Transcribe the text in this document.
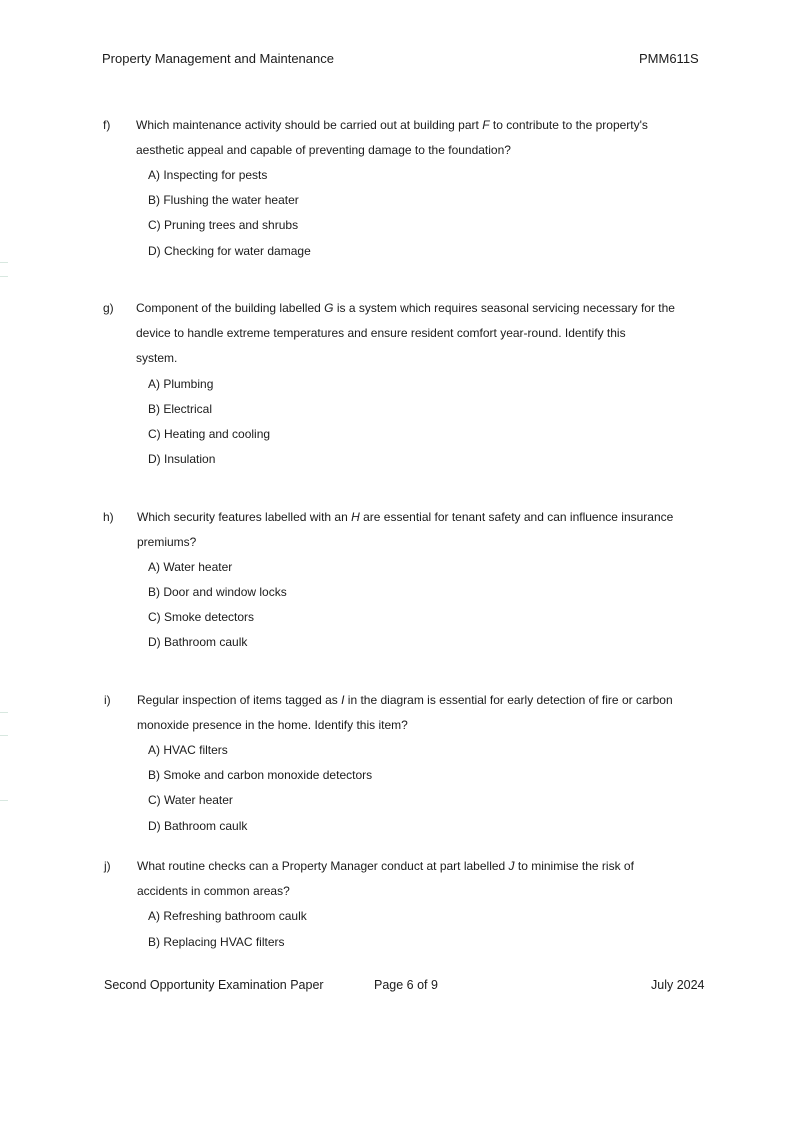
Property Management and Maintenance	PMM611S
f) Which maintenance activity should be carried out at building part F to contribute to the property's
aesthetic appeal and capable of preventing damage to the foundation?
A) Inspecting for pests
B) Flushing the water heater
C) Pruning trees and shrubs
D) Checking for water damage
g) Component of the building labelled G is a system which requires seasonal servicing necessary for the
device to handle extreme temperatures and ensure resident comfort year-round. Identify this
system.
A) Plumbing
B) Electrical
C) Heating and cooling
D) Insulation
h) Which security features labelled with an H are essential for tenant safety and can influence insurance
premiums?
A) Water heater
B) Door and window locks
C) Smoke detectors
D) Bathroom caulk
i) Regular inspection of items tagged as I in the diagram is essential for early detection of fire or carbon
monoxide presence in the home. Identify this item?
A) HVAC filters
B) Smoke and carbon monoxide detectors
C) Water heater
D) Bathroom caulk
j) What routine checks can a Property Manager conduct at part labelled J to minimise the risk of
accidents in common areas?
A) Refreshing bathroom caulk
B) Replacing HVAC filters
Second Opportunity Examination Paper	Page 6 of 9	July 2024
